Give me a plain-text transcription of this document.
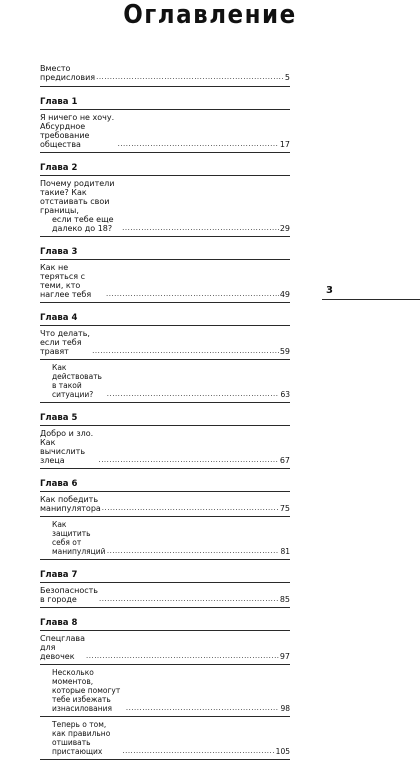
Оглавление
Вместо предисловия .....	5
Глава 1
Я ничего не хочу. Абсурдное требование общества .....	17
Глава 2
Почему родители такие? Как отстаивать свои границы,
если тебе еще далеко до 18? .....	29
Глава 3
Как не теряться с теми, кто наглее тебя .....	49
Глава 4
Что делать, если тебя травят .....	59
Как действовать в такой ситуации? .....	63
Глава 5
Добро и зло. Как вычислить злеца .....	67
Глава 6
Как победить манипулятора .....	75
Как защитить себя от манипуляций .....	81
Глава 7
Безопасность в городе .....	85
Глава 8
Спецглава для девочек .....	97
Несколько моментов, которые помогут тебе избежать
изнасилования .....	98
Теперь о том, как правильно отшивать пристающих .....	105
3
